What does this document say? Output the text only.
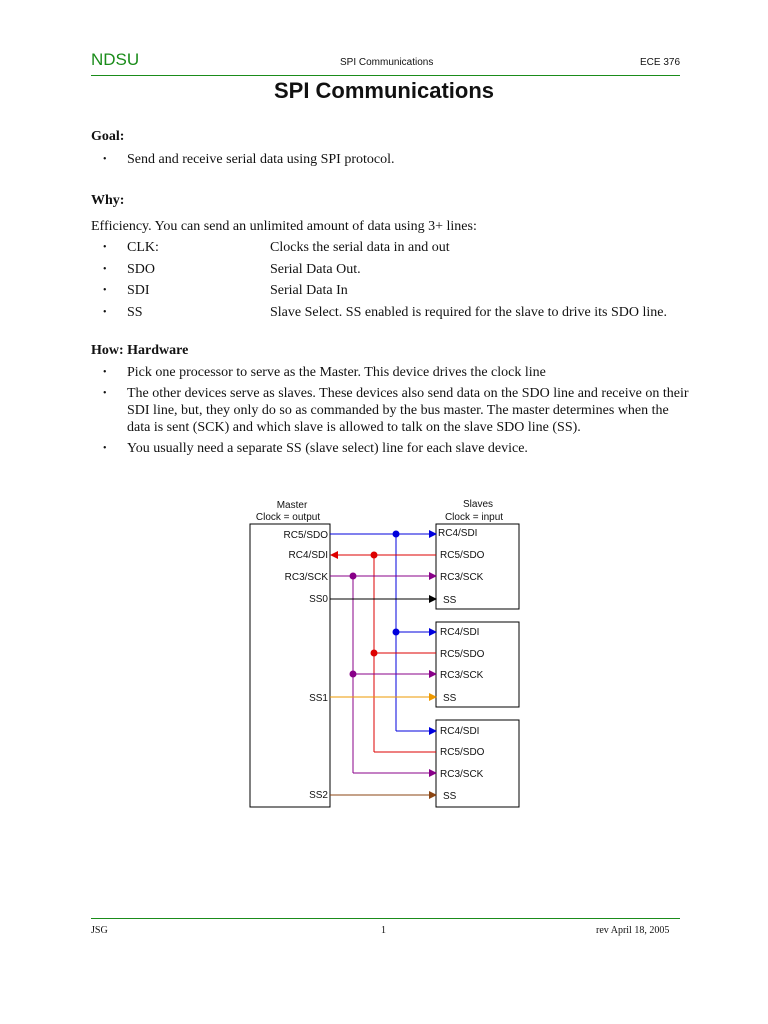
NDSU	SPI Communications	ECE 376
SPI Communications
Goal:
• Send and receive serial data using SPI protocol.
Why:
Efficiency. You can send an unlimited amount of data using 3+ lines:
• CLK:	Clocks the serial data in and out
• SDO	Serial Data Out.
• SDI	Serial Data In
• SS	Slave Select. SS enabled is required for the slave to drive its SDO line.
How: Hardware
• Pick one processor to serve as the Master. This device drives the clock line
• The other devices serve as slaves. These devices also send data on the SDO line and receive on their SDI line, but, they only do so as commanded by the bus master. The master determines when the data is sent (SCK) and which slave is allowed to talk on the slave SDO line (SS).
• You usually need a separate SS (slave select) line for each slave device.
Master
Clock = output
Slaves
Clock = input
RC5/SDO
RC4/SDI
RC3/SCK
SS0
SS1
SS2
RC4/SDI
RC5/SDO
RC3/SCK
SS
RC4/SDI
RC5/SDO
RC3/SCK
SS
RC4/SDI
RC5/SDO
RC3/SCK
SS
JSG	1	rev April 18, 2005
